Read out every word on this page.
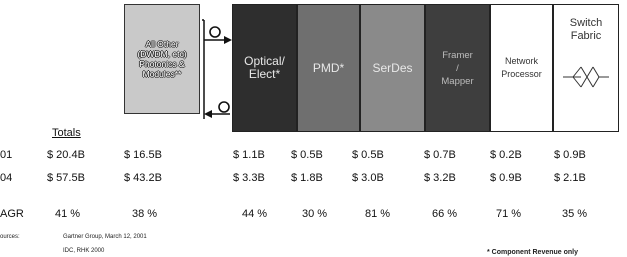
All Other
(DWDM, etc)
Photonics &
Modules**
Optical/
Elect*	PMD* SerDes
Framer
/
Mapper
Network
Processor
Switch
Fabric
Totals
01	$ 20.4B	$ 16.5B	$ 1.1B $ 0.5B	$ 0.5B	$ 0.7B	$ 0.2B	$ 0.9B
04	$ 57.5B	$ 43.2B	$ 3.3B $ 1.8B	$ 3.0B	$ 3.2B	$ 0.9B	$ 2.1B
AGR	41 %	38 %	44 %	30 %	81 %	66 %	71 %	35 %
ources:	Gartner Group, March 12, 2001
IDC, RHK 2000	* Component Revenue only
